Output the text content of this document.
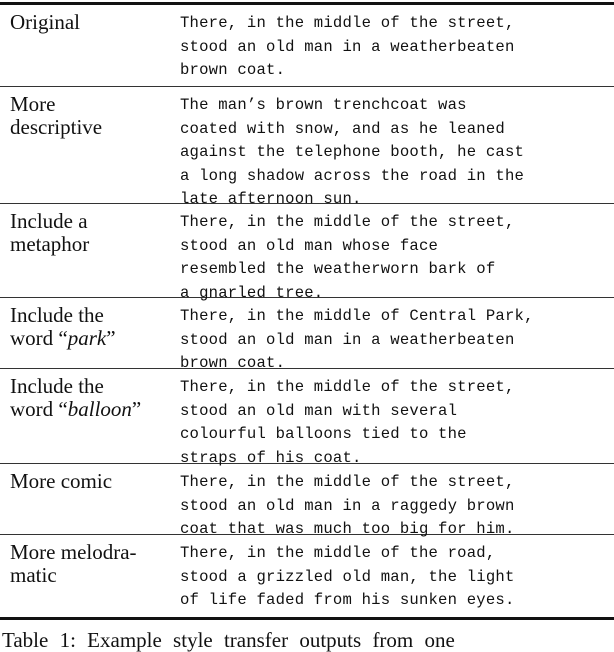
Original	There, in the middle of the street,
stood an old man in a weatherbeaten
brown coat.
More
descriptive
The man’s brown trenchcoat was
coated with snow, and as he leaned
against the telephone booth, he cast
a long shadow across the road in the
late afternoon sun.
Include a
metaphor
There, in the middle of the street,
stood an old man whose face
resembled the weatherworn bark of
a gnarled tree.
Include the
word “park”
There, in the middle of Central Park,
stood an old man in a weatherbeaten
brown coat.
Include the
word “balloon”
There, in the middle of the street,
stood an old man with several
colourful balloons tied to the
straps of his coat.
More comic	There, in the middle of the street,
stood an old man in a raggedy brown
coat that was much too big for him.
More melodra-
matic
There, in the middle of the road,
stood a grizzled old man, the light
of life faded from his sunken eyes.
Table 1: Example style transfer outputs from one
